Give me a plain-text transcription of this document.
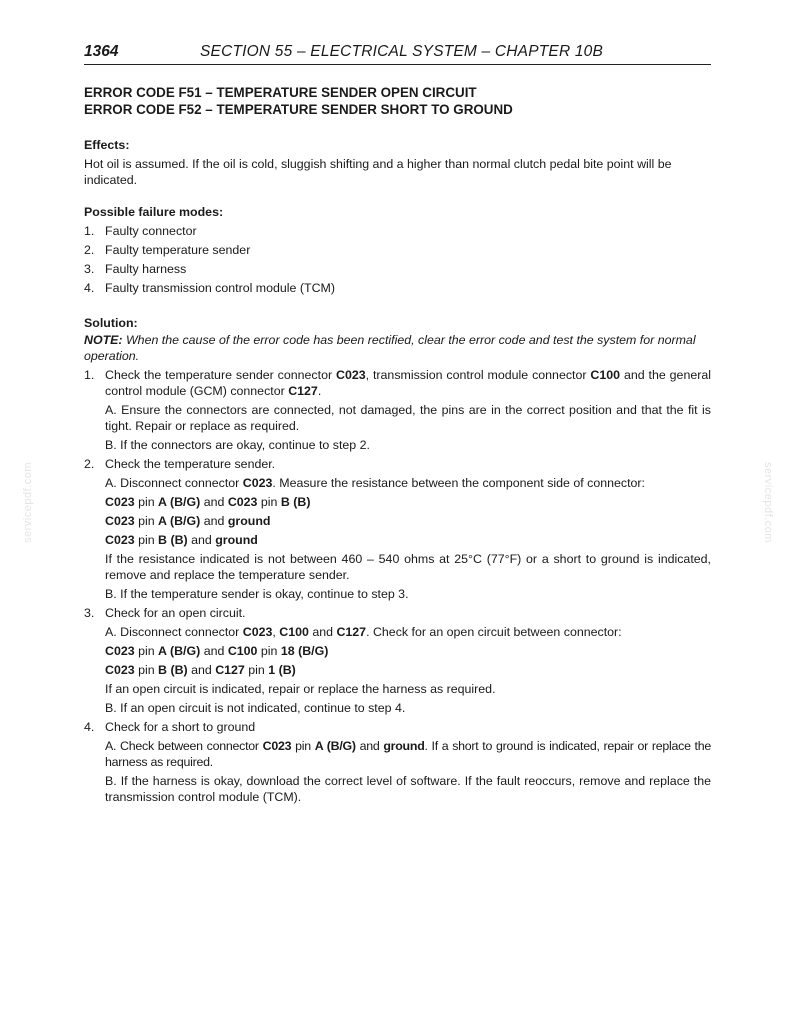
1364	SECTION 55 – ELECTRICAL SYSTEM – CHAPTER 10B
servicepdf.com	servicepdf.com

ERROR CODE F51 – TEMPERATURE SENDER OPEN CIRCUIT

ERROR CODE F52 – TEMPERATURE SENDER SHORT TO GROUND

Effects:

Hot oil is assumed. If the oil is cold, sluggish shifting and a higher than normal clutch pedal bite point will be indicated.

Possible failure modes:

1. Faulty connector
2. Faulty temperature sender
3. Faulty harness
4. Faulty transmission control module (TCM)

Solution:

NOTE: When the cause of the error code has been rectified, clear the error code and test the system for normal operation.

1. Check the temperature sender connector C023, transmission control module connector C100 and the general control module (GCM) connector C127.

A. Ensure the connectors are connected, not damaged, the pins are in the correct position and that the fit is tight. Repair or replace as required.

B. If the connectors are okay, continue to step 2.

2. Check the temperature sender.

A. Disconnect connector C023. Measure the resistance between the component side of connector:

C023 pin A (B/G) and C023 pin B (B)

C023 pin A (B/G) and ground

C023 pin B (B) and ground

If the resistance indicated is not between 460 – 540 ohms at 25°C (77°F) or a short to ground is indicated, remove and replace the temperature sender.

B. If the temperature sender is okay, continue to step 3.

3. Check for an open circuit.

A. Disconnect connector C023, C100 and C127. Check for an open circuit between connector:

C023 pin A (B/G) and C100 pin 18 (B/G)

C023 pin B (B) and C127 pin 1 (B)

If an open circuit is indicated, repair or replace the harness as required.

B. If an open circuit is not indicated, continue to step 4.

4. Check for a short to ground

A. Check between connector C023 pin A (B/G) and ground. If a short to ground is indicated, repair or replace the harness as required.

B. If the harness is okay, download the correct level of software. If the fault reoccurs, remove and replace the transmission control module (TCM).
